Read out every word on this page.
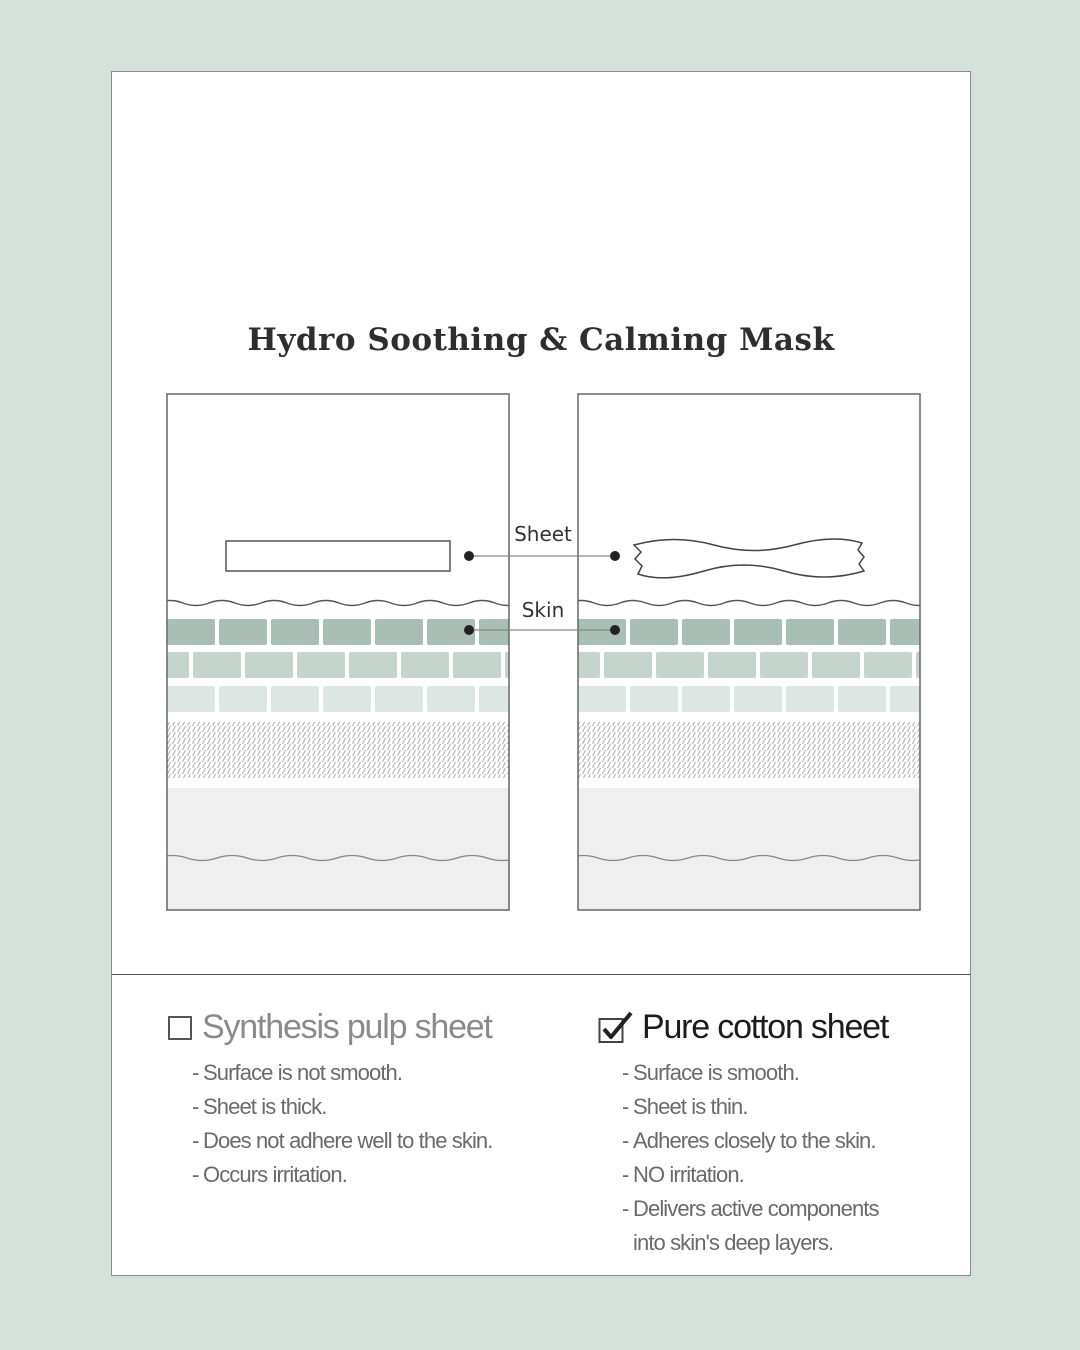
Hydro Soothing & Calming Mask
Sheet
Skin
Synthesis pulp sheet
- Surface is not smooth.
- Sheet is thick.
- Does not adhere well to the skin.
- Occurs irritation.
Pure cotton sheet
- Surface is smooth.
- Sheet is thin.
- Adheres closely to the skin.
- NO irritation.
- Delivers active components
into skin's deep layers.
